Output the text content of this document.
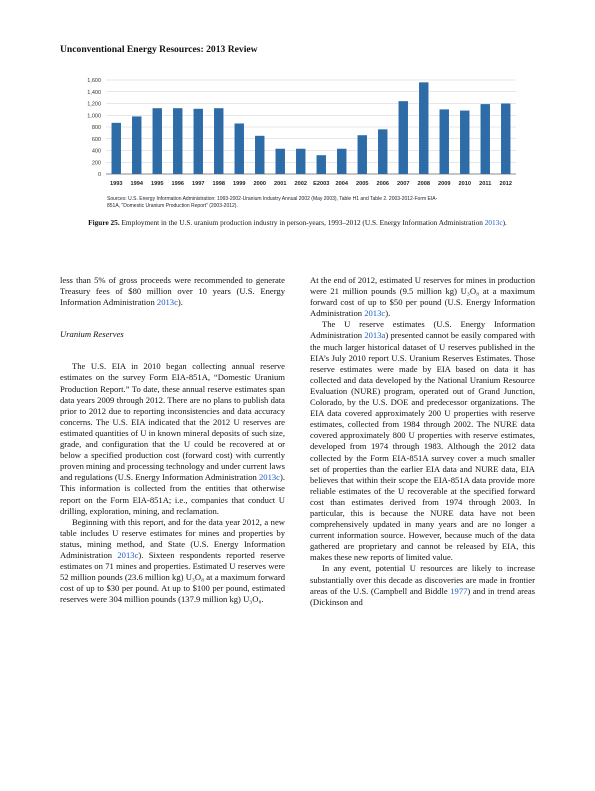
Unconventional Energy Resources: 2013 Review
0
200
400
600
800
1,000
1,200
1,400
1,600
1993 1994 1995 1996 1997 1998 1999 2000 2001 2002 E2003 2004 2005 2006 2007 2008 2009 2010 2011 2012
Sources: U.S. Energy Information Administration: 1993-2002-Uranium Industry Annual 2002 (May 2003), Table H1 and Table 2. 2003-2012-Form EIA-
851A, "Domestic Uranium Production Report" (2003-2012).
Figure 25. Employment in the U.S. uranium production industry in person-years, 1993–2012 (U.S. Energy Information Administration 2013c).

less than 5% of gross proceeds were recommended to generate Treasury fees of $80 million over 10 years (U.S. Energy Information Administration 2013c).

Uranium Reserves

The U.S. EIA in 2010 began collecting annual reserve estimates on the survey Form EIA-851A, “Domestic Uranium Production Report.” To date, these annual reserve estimates span data years 2009 through 2012. There are no plans to publish data prior to 2012 due to reporting inconsistencies and data accuracy concerns. The U.S. EIA indicated that the 2012 U reserves are estimated quantities of U in known mineral deposits of such size, grade, and configuration that the U could be recovered at or below a specified production cost (forward cost) with currently proven mining and processing technology and under current laws and regulations (U.S. Energy Information Administration 2013c). This information is collected from the entities that otherwise report on the Form EIA-851A; i.e., companies that conduct U drilling, exploration, mining, and reclamation.

Beginning with this report, and for the data year 2012, a new table includes U reserve estimates for mines and properties by status, mining method, and State (U.S. Energy Information Administration 2013c). Sixteen respondents reported reserve estimates on 71 mines and properties. Estimated U reserves were 52 million pounds (23.6 million kg) U₃O₈ at a maximum forward cost of up to $30 per pound. At up to $100 per pound, estimated reserves were 304 million pounds (137.9 million kg) U₃O₈.

At the end of 2012, estimated U reserves for mines in production were 21 million pounds (9.5 million kg) U₃O₈ at a maximum forward cost of up to $50 per pound (U.S. Energy Information Administration 2013c).

The U reserve estimates (U.S. Energy Information Administration 2013a) presented cannot be easily compared with the much larger historical dataset of U reserves published in the EIA’s July 2010 report U.S. Uranium Reserves Estimates. Those reserve estimates were made by EIA based on data it has collected and data developed by the National Uranium Resource Evaluation (NURE) program, operated out of Grand Junction, Colorado, by the U.S. DOE and predecessor organizations. The EIA data covered approximately 200 U properties with reserve estimates, collected from 1984 through 2002. The NURE data covered approximately 800 U properties with reserve estimates, developed from 1974 through 1983. Although the 2012 data collected by the Form EIA-851A survey cover a much smaller set of properties than the earlier EIA data and NURE data, EIA believes that within their scope the EIA-851A data provide more reliable estimates of the U recoverable at the specified forward cost than estimates derived from 1974 through 2003. In particular, this is because the NURE data have not been comprehensively updated in many years and are no longer a current information source. However, because much of the data gathered are proprietary and cannot be released by EIA, this makes these new reports of limited value.

In any event, potential U resources are likely to increase substantially over this decade as discoveries are made in frontier areas of the U.S. (Campbell and Biddle 1977) and in trend areas (Dickinson and
